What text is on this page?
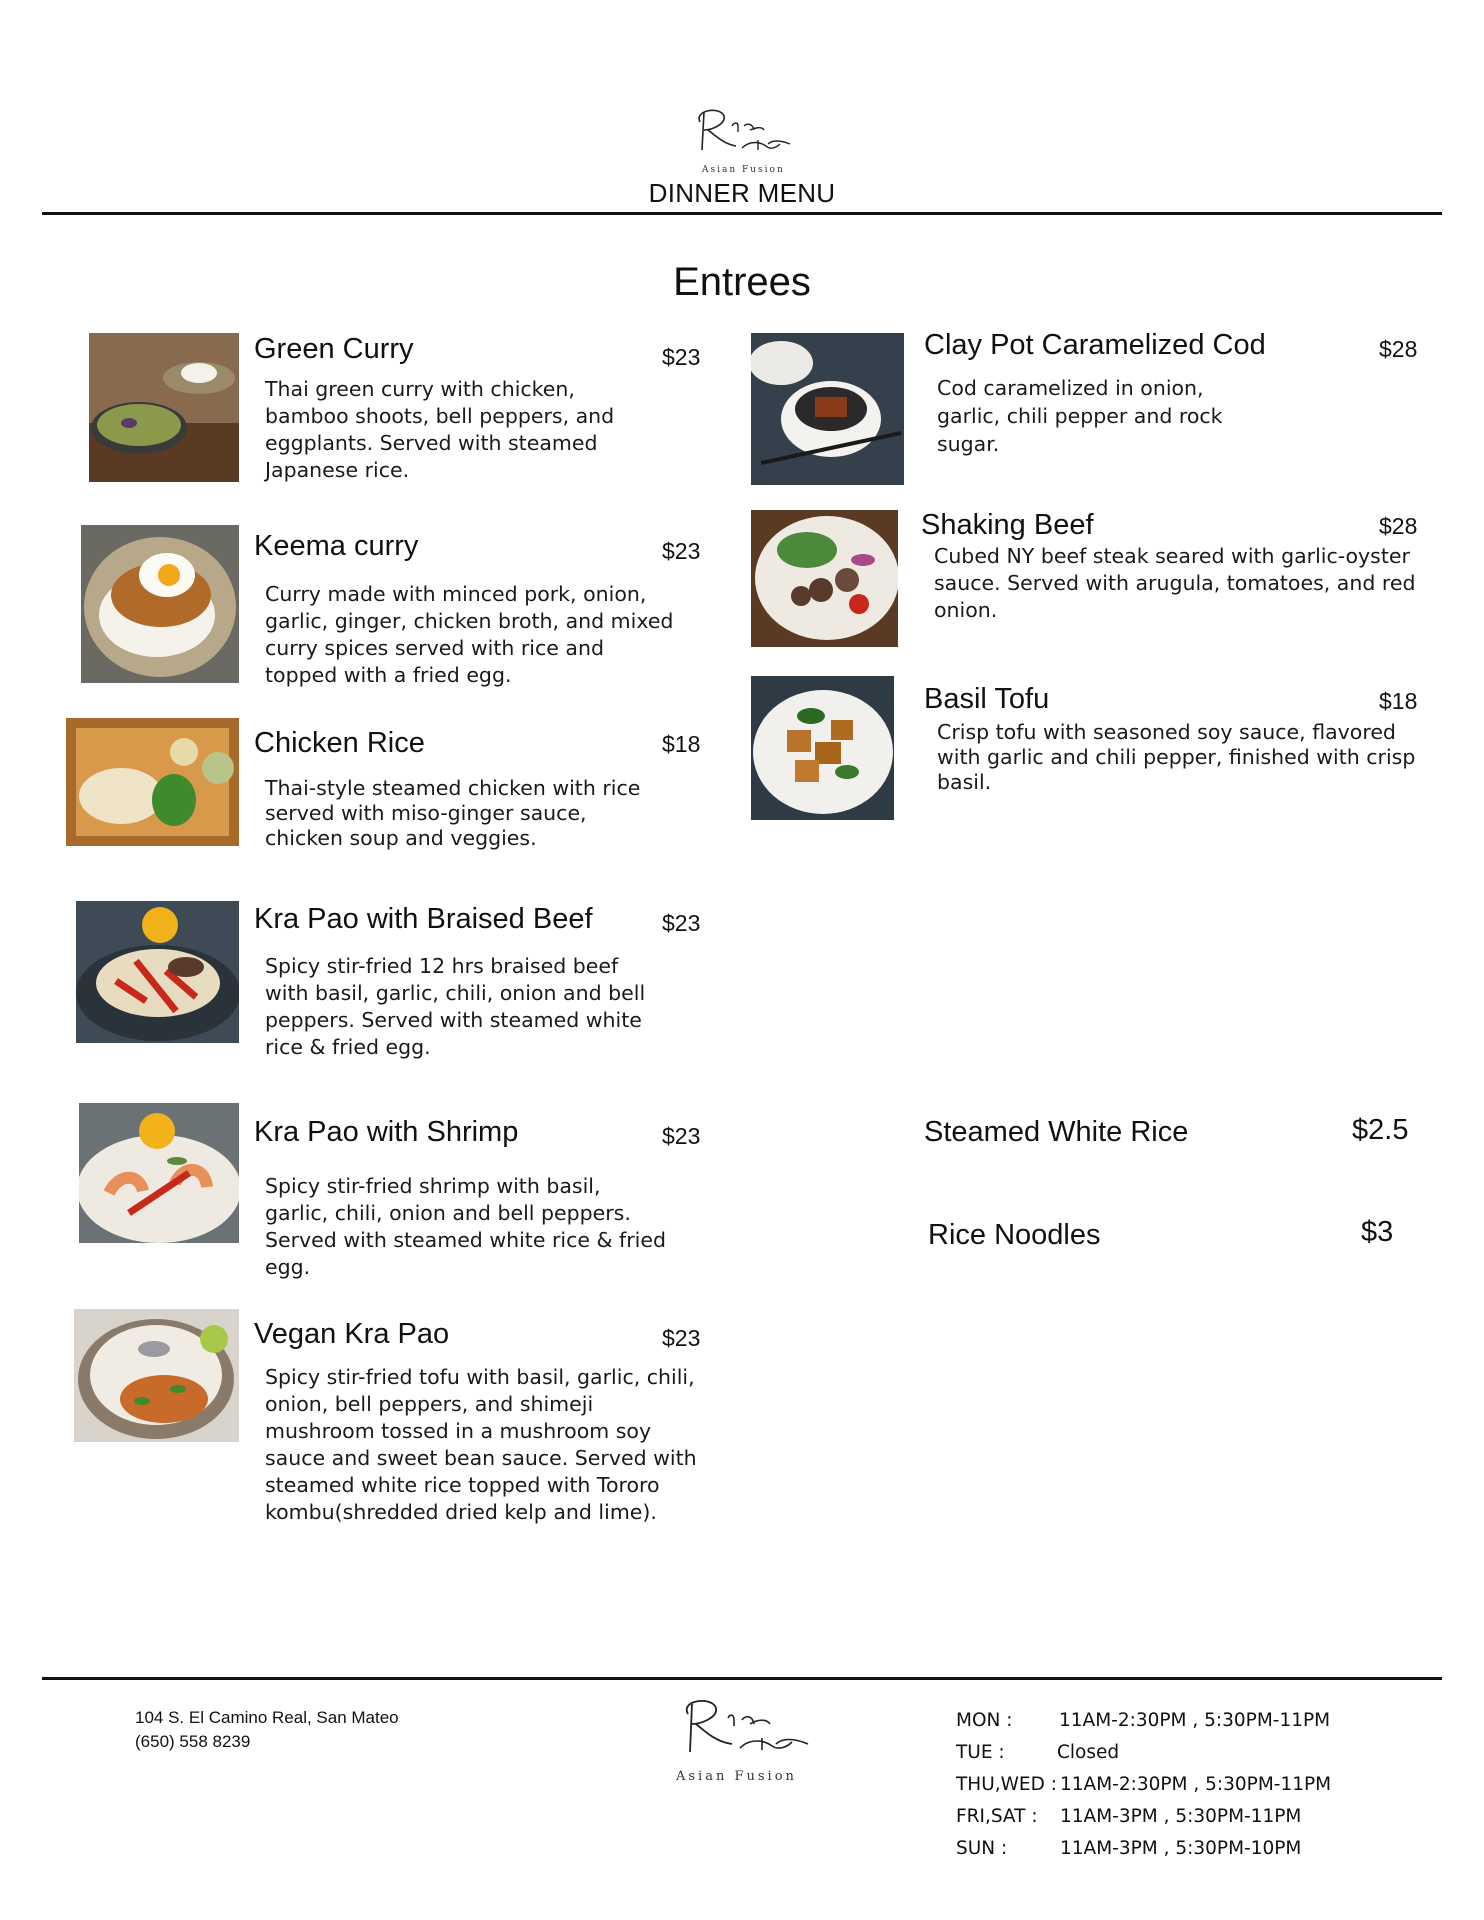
Asian Fusion
DINNER MENU
Entrees
Green Curry	$23
Thai green curry with chicken, bamboo shoots, bell peppers, and eggplants. Served with steamed Japanese rice.
Keema curry	$23
Curry made with minced pork, onion, garlic, ginger, chicken broth, and mixed curry spices served with rice and topped with a fried egg.
Chicken Rice	$18
Thai-style steamed chicken with rice served with miso-ginger sauce, chicken soup and veggies.
Kra Pao with Braised Beef	$23
Spicy stir-fried 12 hrs braised beef with basil, garlic, chili, onion and bell peppers. Served with steamed white rice & fried egg.
Kra Pao with Shrimp	$23
Spicy stir-fried shrimp with basil, garlic, chili, onion and bell peppers. Served with steamed white rice & fried egg.
Vegan Kra Pao	$23
Spicy stir-fried tofu with basil, garlic, chili, onion, bell peppers, and shimeji mushroom tossed in a mushroom soy sauce and sweet bean sauce. Served with steamed white rice topped with Tororo kombu(shredded dried kelp and lime).
Clay Pot Caramelized Cod	$28
Cod caramelized in onion, garlic, chili pepper and rock sugar.
Shaking Beef	$28
Cubed NY beef steak seared with garlic-oyster sauce. Served with arugula, tomatoes, and red onion.
Basil Tofu	$18
Crisp tofu with seasoned soy sauce, flavored with garlic and chili pepper, finished with crisp basil.
Steamed White Rice	$2.5
Rice Noodles	$3
104 S. El Camino Real, San Mateo
(650) 558 8239
Asian Fusion
MON :	11AM-2:30PM , 5:30PM-11PM
TUE :	Closed
THU,WED : 11AM-2:30PM , 5:30PM-11PM
FRI,SAT : 11AM-3PM , 5:30PM-11PM
SUN :	11AM-3PM , 5:30PM-10PM
